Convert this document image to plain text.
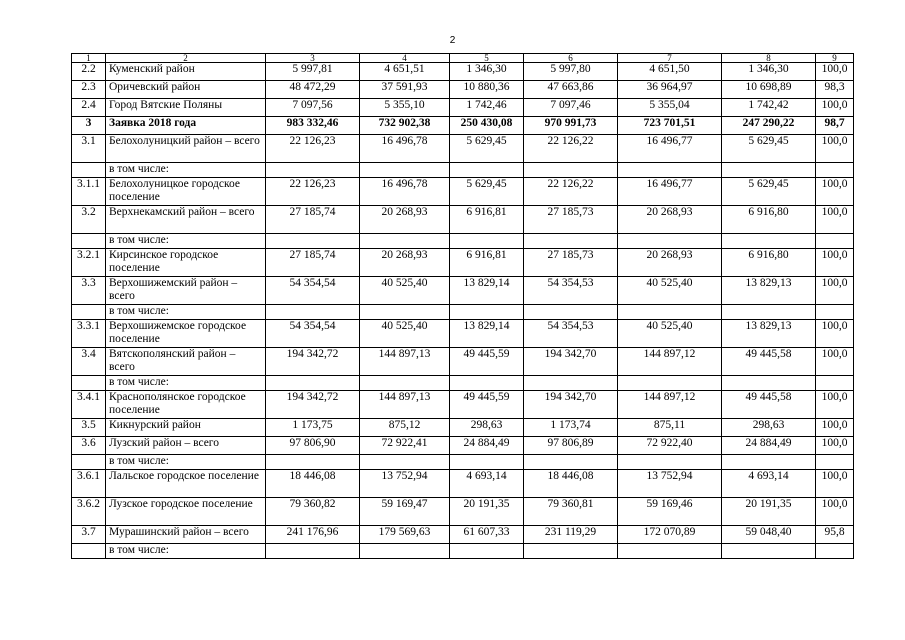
2
1	2	3	4	5	6	7	8	9
2.2	Куменский район	5 997,81	4 651,51	1 346,30	5 997,80	4 651,50	1 346,30	100,0
2.3	Оричевский район	48 472,29	37 591,93	10 880,36	47 663,86	36 964,97	10 698,89	98,3
2.4	Город Вятские Поляны	7 097,56	5 355,10	1 742,46	7 097,46	5 355,04	1 742,42	100,0
3	Заявка 2018 года	983 332,46	732 902,38	250 430,08	970 991,73	723 701,51	247 290,22	98,7
3.1	Белохолуницкий район – всего	22 126,23	16 496,78	5 629,45	22 126,22	16 496,77	5 629,45	100,0
	в том числе:							
3.1.1	Белохолуницкое городское поселение	22 126,23	16 496,78	5 629,45	22 126,22	16 496,77	5 629,45	100,0
3.2	Верхнекамский район – всего	27 185,74	20 268,93	6 916,81	27 185,73	20 268,93	6 916,80	100,0
	в том числе:							
3.2.1	Кирсинское городское поселение	27 185,74	20 268,93	6 916,81	27 185,73	20 268,93	6 916,80	100,0
3.3	Верхошижемский район – всего	54 354,54	40 525,40	13 829,14	54 354,53	40 525,40	13 829,13	100,0
	в том числе:							
3.3.1	Верхошижемское городское поселение	54 354,54	40 525,40	13 829,14	54 354,53	40 525,40	13 829,13	100,0
3.4	Вятскополянский район – всего	194 342,72	144 897,13	49 445,59	194 342,70	144 897,12	49 445,58	100,0
	в том числе:							
3.4.1	Краснополянское городское поселение	194 342,72	144 897,13	49 445,59	194 342,70	144 897,12	49 445,58	100,0
3.5	Кикнурский район	1 173,75	875,12	298,63	1 173,74	875,11	298,63	100,0
3.6	Лузский район – всего	97 806,90	72 922,41	24 884,49	97 806,89	72 922,40	24 884,49	100,0
	в том числе:							
3.6.1	Лальское городское поселение	18 446,08	13 752,94	4 693,14	18 446,08	13 752,94	4 693,14	100,0
3.6.2	Лузское городское поселение	79 360,82	59 169,47	20 191,35	79 360,81	59 169,46	20 191,35	100,0
3.7	Мурашинский район – всего	241 176,96	179 569,63	61 607,33	231 119,29	172 070,89	59 048,40	95,8
	в том числе:							
